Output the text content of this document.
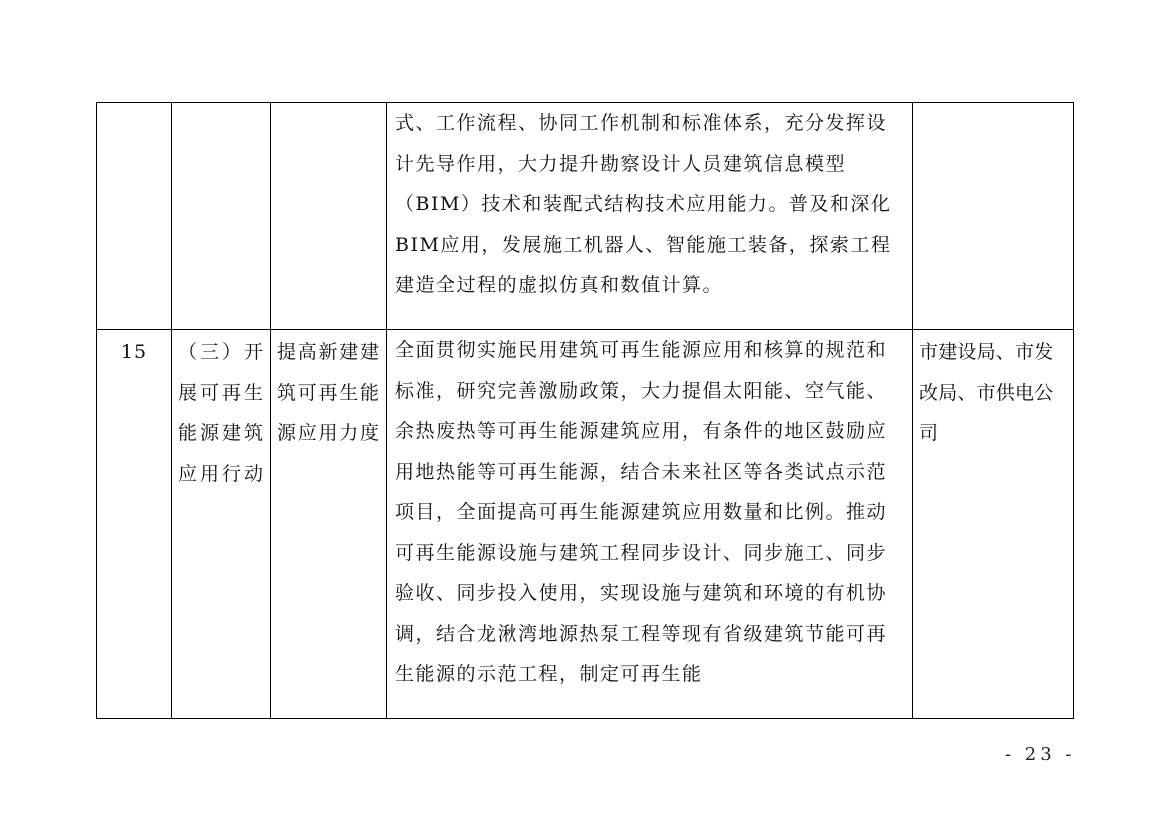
			式、工作流程、协同工作机制和标准体系，充分发挥设计先导作用，大力提升勘察设计人员建筑信息模型（BIM）技术和装配式结构技术应用能力。普及和深化BIM应用，发展施工机器人、智能施工装备，探索工程建造全过程的虚拟仿真和数值计算。	
15	（三）开展可再生能源建筑应用行动	提高新建建筑可再生能源应用力度	全面贯彻实施民用建筑可再生能源应用和核算的规范和标准，研究完善激励政策，大力提倡太阳能、空气能、余热废热等可再生能源建筑应用，有条件的地区鼓励应用地热能等可再生能源，结合未来社区等各类试点示范项目，全面提高可再生能源建筑应用数量和比例。推动可再生能源设施与建筑工程同步设计、同步施工、同步验收、同步投入使用，实现设施与建筑和环境的有机协调，结合龙湫湾地源热泵工程等现有省级建筑节能可再生能源的示范工程，制定可再生能	市建设局、市发改局、市供电公司
- 23 -
